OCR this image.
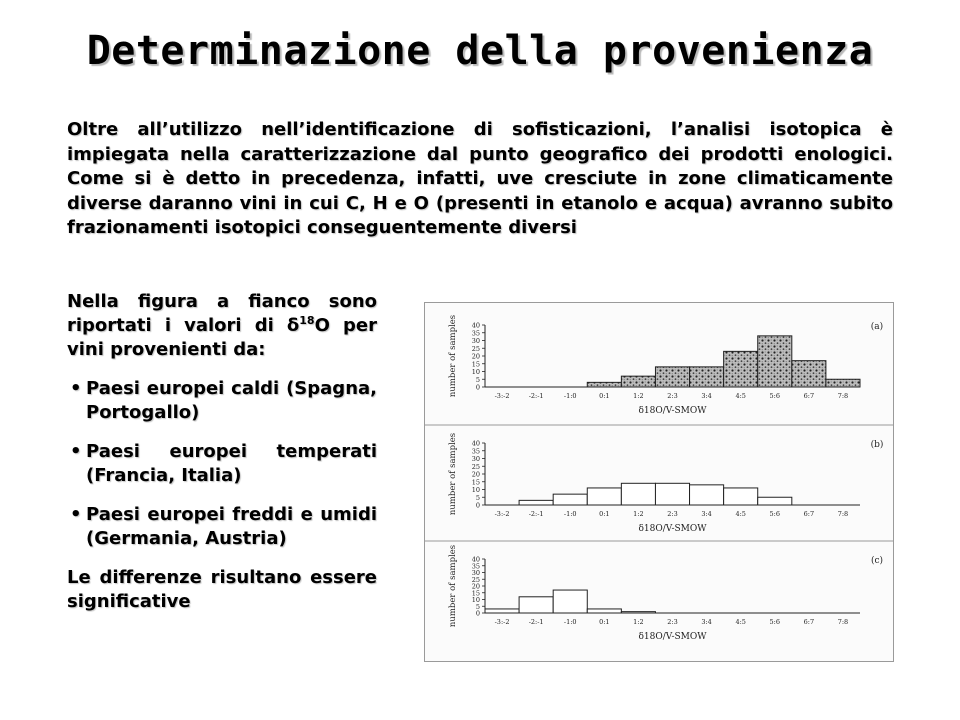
Determinazione della provenienza
Oltre all’utilizzo nell’identificazione di sofisticazioni, l’analisi isotopica è impiegata nella caratterizzazione dal punto geografico dei prodotti enologici. Come si è detto in precedenza, infatti, uve cresciute in zone climaticamente diverse daranno vini in cui C, H e O (presenti in etanolo e acqua) avranno subito frazionamenti isotopici conseguentemente diversi

Nella figura a fianco sono riportati i valori di $\delta^{18}O$ per vini provenienti da:

• Paesi europei caldi (Spagna, Portogallo)
• Paesi europei temperati (Francia, Italia)
• Paesi europei freddi e umidi (Germania, Austria)

Le differenze risultano essere significative

0
5
10
15
20
25
30
35
40
-3:-2	-2:-1	-1:0	0:1	1:2	2:3	3:4	4:5	5:6	6:7	7:8
δ18O/V-SMOW
number of samples	(a)
0
5
10
15
20
25
30
35
40
-3:-2	-2:-1	-1:0	0:1	1:2	2:3	3:4	4:5	5:6	6:7	7:8
δ18O/V-SMOW
number of samples	(b)
0
5
10
15
20
25
30
35
40
-3:-2	-2:-1	-1:0	0:1	1:2	2:3	3:4	4:5	5:6	6:7	7:8
δ18O/V-SMOW
number of samples	(c)
